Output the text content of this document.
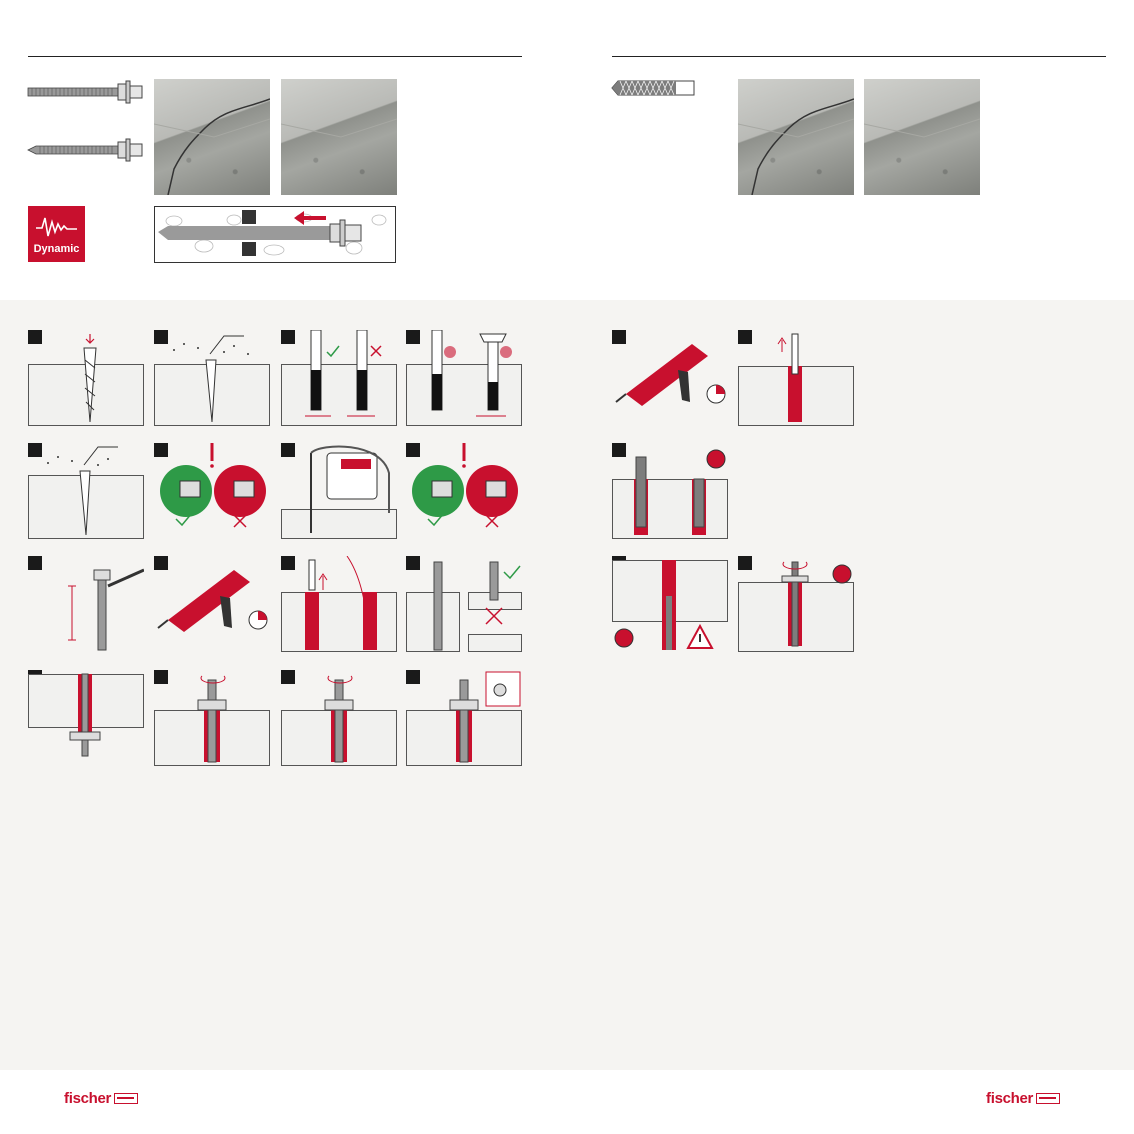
Dynamic
fischer	fischer
